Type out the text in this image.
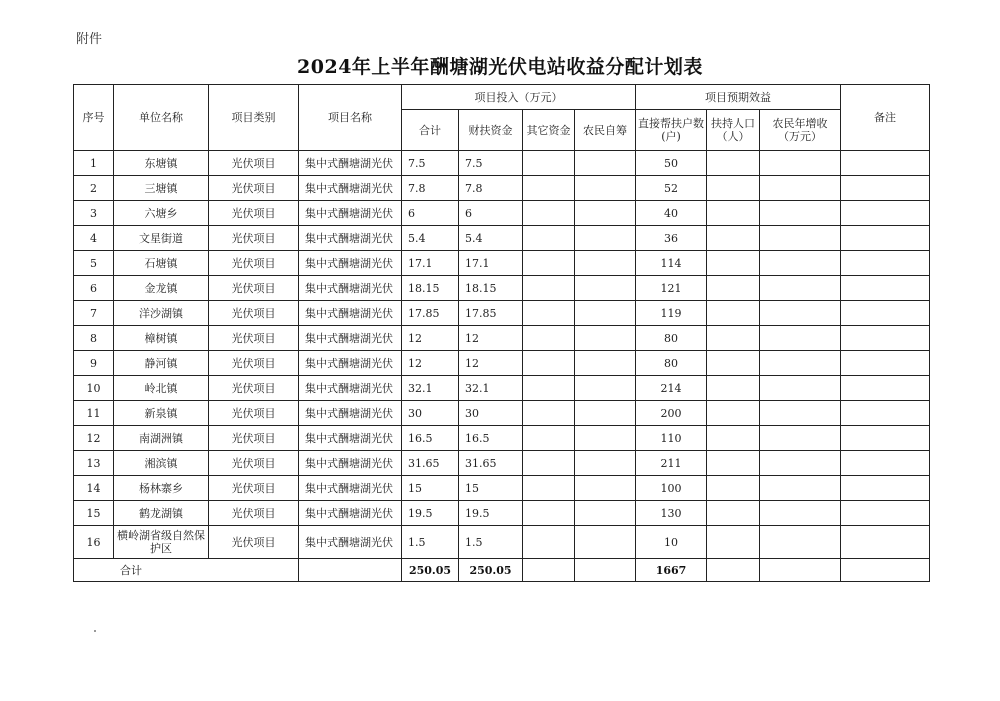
附件
2024年上半年酬塘湖光伏电站收益分配计划表
序号	单位名称	项目类别	项目名称	项目投入（万元）				项目预期效益			备注
				合计	财扶资金	其它资金	农民自筹	直接帮扶户数(户)	扶持人口（人）	农民年增收（万元）	
1	东塘镇	光伏项目	集中式酬塘湖光伏	7.5	7.5			50			
2	三塘镇	光伏项目	集中式酬塘湖光伏	7.8	7.8			52			
3	六塘乡	光伏项目	集中式酬塘湖光伏	6	6			40			
4	文星街道	光伏项目	集中式酬塘湖光伏	5.4	5.4			36			
5	石塘镇	光伏项目	集中式酬塘湖光伏	17.1	17.1			114			
6	金龙镇	光伏项目	集中式酬塘湖光伏	18.15	18.15			121			
7	洋沙湖镇	光伏项目	集中式酬塘湖光伏	17.85	17.85			119			
8	樟树镇	光伏项目	集中式酬塘湖光伏	12	12			80			
9	静河镇	光伏项目	集中式酬塘湖光伏	12	12			80			
10	岭北镇	光伏项目	集中式酬塘湖光伏	32.1	32.1			214			
11	新泉镇	光伏项目	集中式酬塘湖光伏	30	30			200			
12	南湖洲镇	光伏项目	集中式酬塘湖光伏	16.5	16.5			110			
13	湘滨镇	光伏项目	集中式酬塘湖光伏	31.65	31.65			211			
14	杨林寨乡	光伏项目	集中式酬塘湖光伏	15	15			100			
15	鹤龙湖镇	光伏项目	集中式酬塘湖光伏	19.5	19.5			130			
16	横岭湖省级自然保护区	光伏项目	集中式酬塘湖光伏	1.5	1.5			10			
合计				250.05	250.05			1667			
